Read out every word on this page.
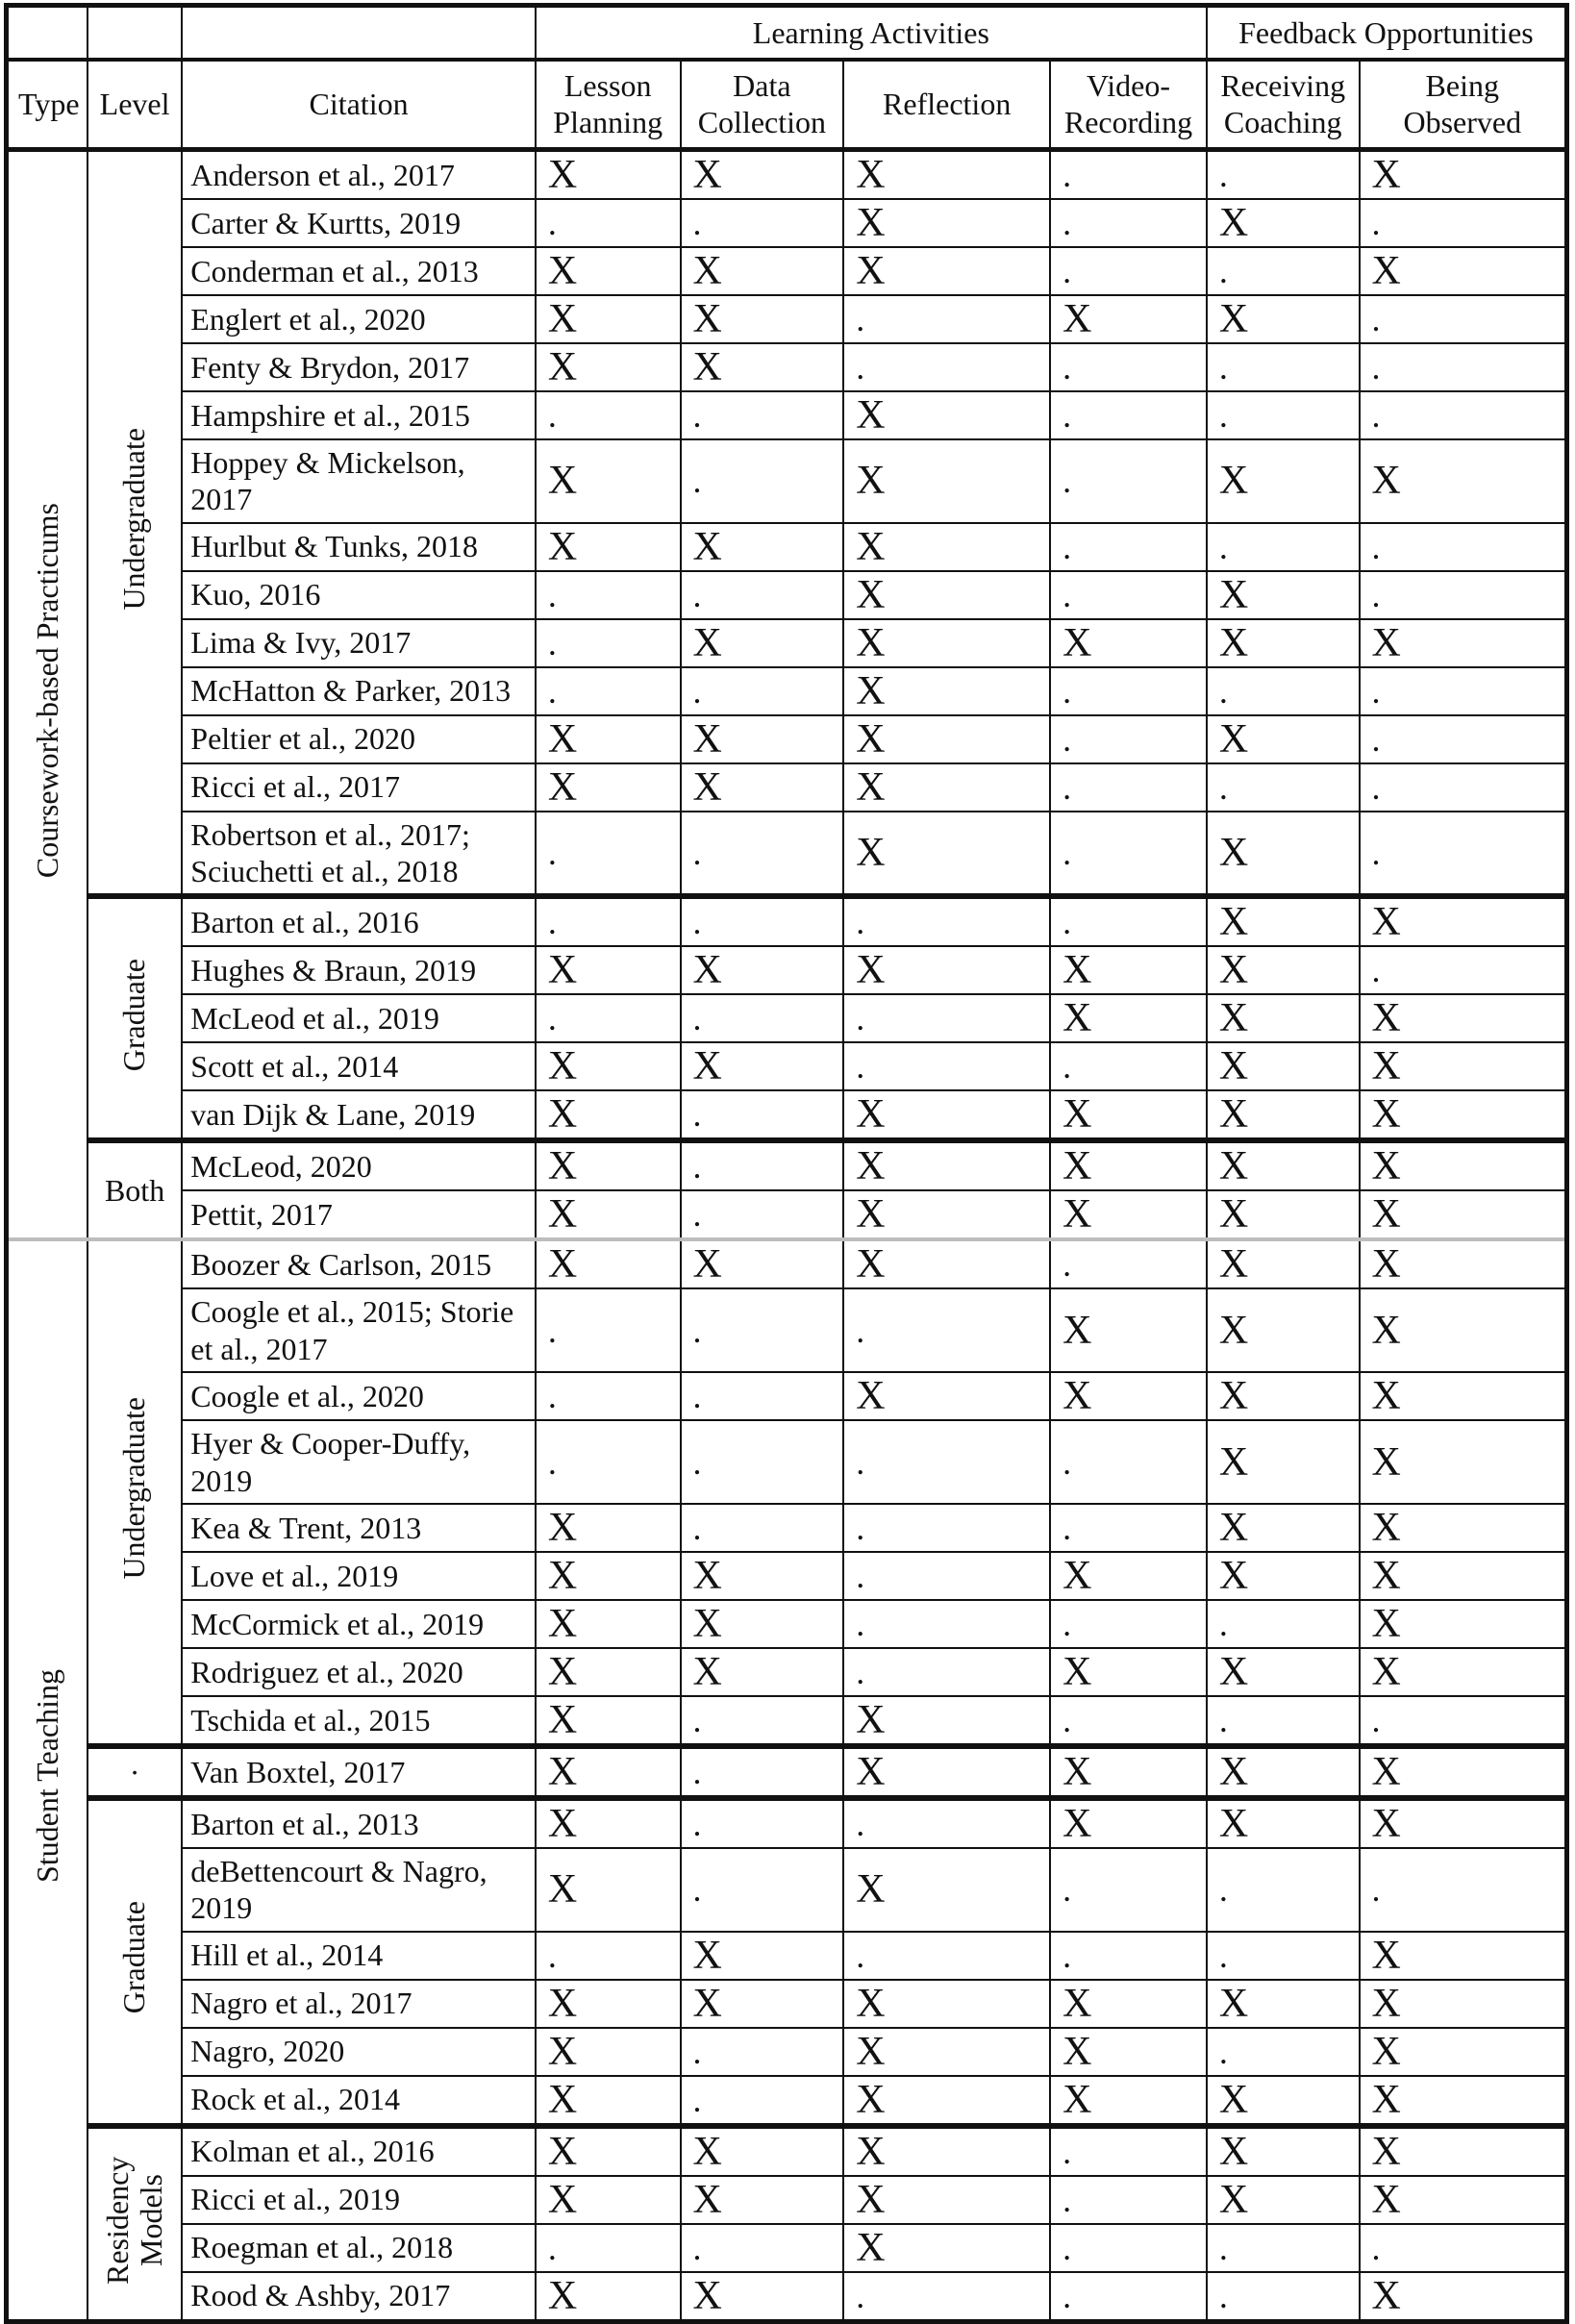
			Learning Activities				Feedback Opportunities	
Type	Level	Citation	Lesson Planning	Data Collection	Reflection	Video-Recording	Receiving Coaching	Being Observed
Coursework-based Practicums	Undergraduate	Anderson et al., 2017	X	X	X	.	.	X
		Carter & Kurtts, 2019	.	.	X	.	X	.
		Conderman et al., 2013	X	X	X	.	.	X
		Englert et al., 2020	X	X	.	X	X	.
		Fenty & Brydon, 2017	X	X	.	.	.	.
		Hampshire et al., 2015	.	.	X	.	.	.
		Hoppey & Mickelson, 2017	X	.	X	.	X	X
		Hurlbut & Tunks, 2018	X	X	X	.	.	.
		Kuo, 2016	.	.	X	.	X	.
		Lima & Ivy, 2017	.	X	X	X	X	X
		McHatton & Parker, 2013	.	.	X	.	.	.
		Peltier et al., 2020	X	X	X	.	X	.
		Ricci et al., 2017	X	X	X	.	.	.
		Robertson et al., 2017; Sciuchetti et al., 2018	.	.	X	.	X	.
	Graduate	Barton et al., 2016	.	.	.	.	X	X
		Hughes & Braun, 2019	X	X	X	X	X	.
		McLeod et al., 2019	.	.	.	X	X	X
		Scott et al., 2014	X	X	.	.	X	X
		van Dijk & Lane, 2019	X	.	X	X	X	X
	Both	McLeod, 2020	X	.	X	X	X	X
		Pettit, 2017	X	.	X	X	X	X
Student Teaching	Undergraduate	Boozer & Carlson, 2015	X	X	X	.	X	X
		Coogle et al., 2015; Storie et al., 2017	.	.	.	X	X	X
		Coogle et al., 2020	.	.	X	X	X	X
		Hyer & Cooper-Duffy, 2019	.	.	.	.	X	X
		Kea & Trent, 2013	X	.	.	.	X	X
		Love et al., 2019	X	X	.	X	X	X
		McCormick et al., 2019	X	X	.	.	.	X
		Rodriguez et al., 2020	X	X	.	X	X	X
		Tschida et al., 2015	X	.	X	.	.	.
	·	Van Boxtel, 2017	X	.	X	X	X	X
	Graduate	Barton et al., 2013	X	.	.	X	X	X
		deBettencourt & Nagro, 2019	X	.	X	.	.	.
		Hill et al., 2014	.	X	.	.	.	X
		Nagro et al., 2017	X	X	X	X	X	X
		Nagro, 2020	X	.	X	X	.	X
		Rock et al., 2014	X	.	X	X	X	X
	Residency Models	Kolman et al., 2016	X	X	X	.	X	X
		Ricci et al., 2019	X	X	X	.	X	X
		Roegman et al., 2018	.	.	X	.	.	.
		Rood & Ashby, 2017	X	X	.	.	.	X
